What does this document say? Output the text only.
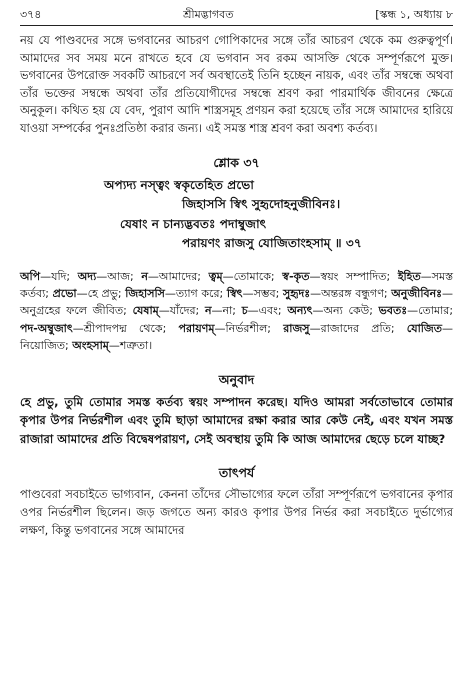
৩৭৪	শ্রীমদ্ভাগবত	[স্কন্ধ ১, অধ্যায় ৮

নয় যে পাণ্ডবদের সঙ্গে ভগবানের আচরণ গোপিকাদের সঙ্গে তাঁর আচরণ থেকে কম গুরুত্বপূর্ণ। আমাদের সব সময় মনে রাখতে হবে যে ভগবান সব রকম আসক্তি থেকে সম্পূর্ণরূপে মুক্ত। ভগবানের উপরোক্ত সবকটি আচরণে সর্ব অবস্থাতেই তিনি হচ্ছেন নায়ক, এবং তাঁর সম্বন্ধে অথবা তাঁর ভক্তের সম্বন্ধে অথবা তাঁর প্রতিযোগীদের সম্বন্ধে শ্রবণ করা পারমার্থিক জীবনের ক্ষেত্রে অনুকূল। কথিত হয় যে বেদ, পুরাণ আদি শাস্ত্রসমূহ প্রণয়ন করা হয়েছে তাঁর সঙ্গে আমাদের হারিয়ে যাওয়া সম্পর্কের পুনঃপ্রতিষ্ঠা করার জন্য। এই সমস্ত শাস্ত্র শ্রবণ করা অবশ্য কর্তব্য।

শ্লোক ৩৭
অপ্যদ্য নস্ত্বং স্বকৃতেহিত প্রভো
জিহাসসি স্বিৎ সুহৃদোহনুজীবিনঃ।
যেষাং ন চান্যদ্ভবতঃ পদাম্বুজাৎ
পরায়ণং রাজসু যোজিতাংহসাম্ ॥ ৩৭

অপি—যদি; অদ্য—আজ; ন—আমাদের; ত্বম্—তোমাকে; স্ব-কৃত—স্বয়ং সম্পাদিত; ইহিত—সমস্ত কর্তব্য; প্রভো—হে প্রভু; জিহাসসি—ত্যাগ করে; স্বিৎ—সম্ভব; সুহৃদঃ—অন্তরঙ্গ বন্ধুগণ; অনুজীবিনঃ—অনুগ্রহের ফলে জীবিত; যেষাম্—যাঁদের; ন—না; চ—এবং; অন্যৎ—অন্য কেউ; ভবতঃ—তোমার; পদ-অম্বুজাৎ—শ্রীপাদপদ্ম থেকে; পরায়ণম্—নির্ভরশীল; রাজসু—রাজাদের প্রতি; যোজিত—নিয়োজিত; অংহসাম্—শত্রুতা।

অনুবাদ

হে প্রভু, তুমি তোমার সমস্ত কর্তব্য স্বয়ং সম্পাদন করেছ। যদিও আমরা সর্বতোভাবে তোমার কৃপার উপর নির্ভরশীল এবং তুমি ছাড়া আমাদের রক্ষা করার আর কেউ নেই, এবং যখন সমস্ত রাজারা আমাদের প্রতি বিদ্বেষপরায়ণ, সেই অবস্থায় তুমি কি আজ আমাদের ছেড়ে চলে যাচ্ছ?

তাৎপর্য

পাণ্ডবেরা সবচাইতে ভাগ্যবান, কেননা তাঁদের সৌভাগ্যের ফলে তাঁরা সম্পূর্ণরূপে ভগবানের কৃপার ওপর নির্ভরশীল ছিলেন। জড় জগতে অন্য কারও কৃপার উপর নির্ভর করা সবচাইতে দুর্ভাগ্যের লক্ষণ, কিন্তু ভগবানের সঙ্গে আমাদের
